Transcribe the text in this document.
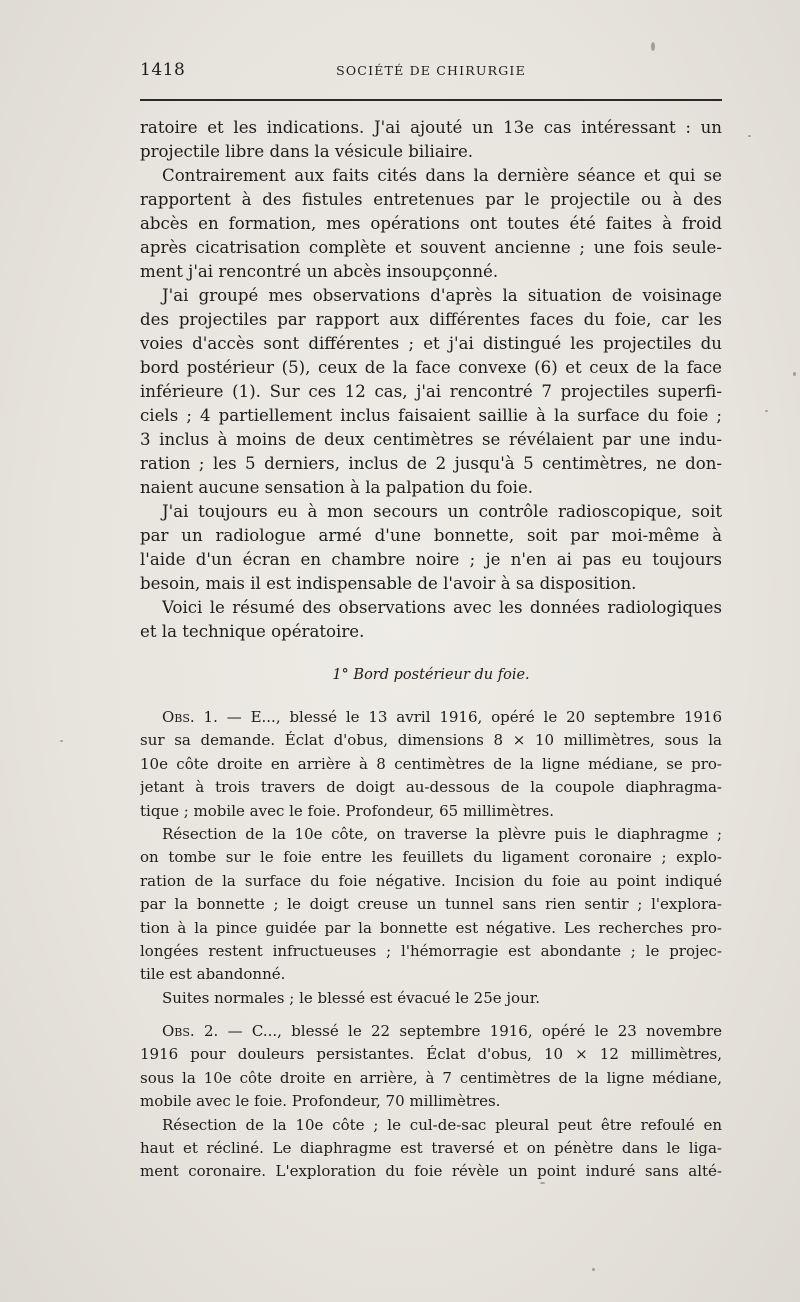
1418	SOCIÉTÉ DE CHIRURGIE
ratoire et les indications. J'ai ajouté un 13e cas intéressant : un
projectile libre dans la vésicule biliaire.
Contrairement aux faits cités dans la dernière séance et qui se
rapportent à des fistules entretenues par le projectile ou à des
abcès en formation, mes opérations ont toutes été faites à froid
après cicatrisation complète et souvent ancienne ; une fois seule-
ment j'ai rencontré un abcès insoupçonné.
J'ai groupé mes observations d'après la situation de voisinage
des projectiles par rapport aux différentes faces du foie, car les
voies d'accès sont différentes ; et j'ai distingué les projectiles du
bord postérieur (5), ceux de la face convexe (6) et ceux de la face
inférieure (1). Sur ces 12 cas, j'ai rencontré 7 projectiles superfi-
ciels ; 4 partiellement inclus faisaient saillie à la surface du foie ;
3 inclus à moins de deux centimètres se révélaient par une indu-
ration ; les 5 derniers, inclus de 2 jusqu'à 5 centimètres, ne don-
naient aucune sensation à la palpation du foie.
J'ai toujours eu à mon secours un contrôle radioscopique, soit
par un radiologue armé d'une bonnette, soit par moi-même à
l'aide d'un écran en chambre noire ; je n'en ai pas eu toujours
besoin, mais il est indispensable de l'avoir à sa disposition.
Voici le résumé des observations avec les données radiologiques
et la technique opératoire.
1° Bord postérieur du foie.
Obs. 1. — E..., blessé le 13 avril 1916, opéré le 20 septembre 1916
sur sa demande. Éclat d'obus, dimensions 8 × 10 millimètres, sous la
10e côte droite en arrière à 8 centimètres de la ligne médiane, se pro-
jetant à trois travers de doigt au-dessous de la coupole diaphragma-
tique ; mobile avec le foie. Profondeur, 65 millimètres.
Résection de la 10e côte, on traverse la plèvre puis le diaphragme ;
on tombe sur le foie entre les feuillets du ligament coronaire ; explo-
ration de la surface du foie négative. Incision du foie au point indiqué
par la bonnette ; le doigt creuse un tunnel sans rien sentir ; l'explora-
tion à la pince guidée par la bonnette est négative. Les recherches pro-
longées restent infructueuses ; l'hémorragie est abondante ; le projec-
tile est abandonné.
Suites normales ; le blessé est évacué le 25e jour.
Obs. 2. — C..., blessé le 22 septembre 1916, opéré le 23 novembre
1916 pour douleurs persistantes. Éclat d'obus, 10 × 12 millimètres,
sous la 10e côte droite en arrière, à 7 centimètres de la ligne médiane,
mobile avec le foie. Profondeur, 70 millimètres.
Résection de la 10e côte ; le cul-de-sac pleural peut être refoulé en
haut et récliné. Le diaphragme est traversé et on pénètre dans le liga-
ment coronaire. L'exploration du foie révèle un point induré sans alté-
